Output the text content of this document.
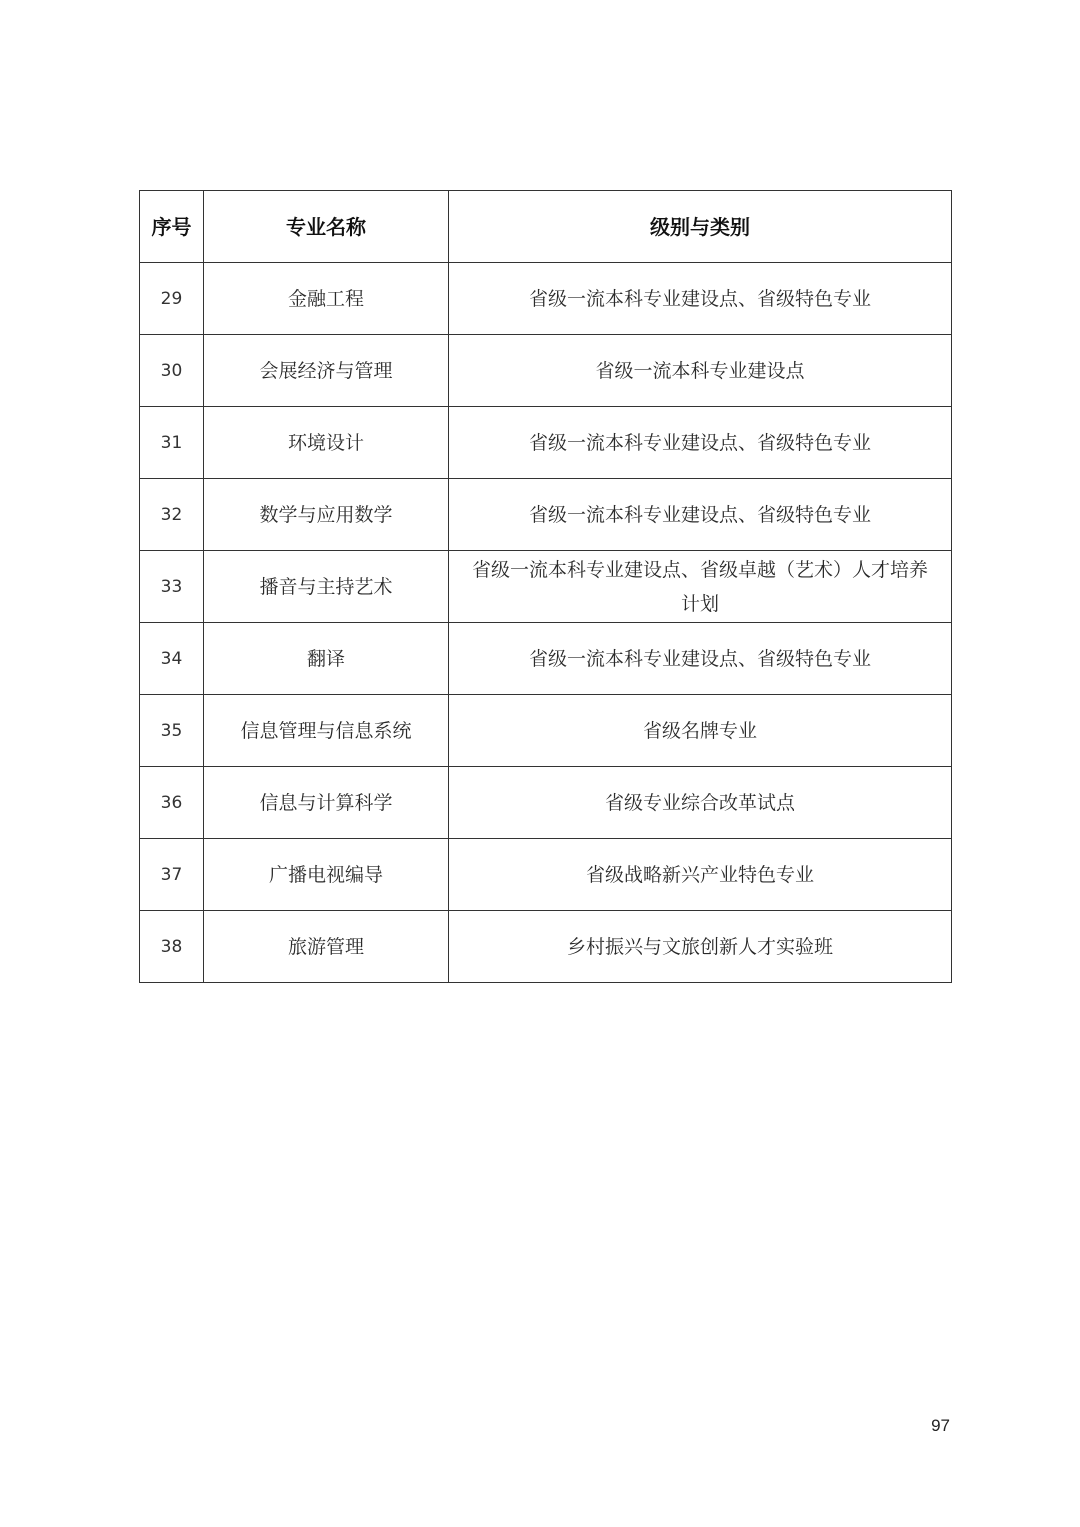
序号	专业名称	级别与类别
29	金融工程	省级一流本科专业建设点、省级特色专业
30	会展经济与管理	省级一流本科专业建设点
31	环境设计	省级一流本科专业建设点、省级特色专业
32	数学与应用数学	省级一流本科专业建设点、省级特色专业
33	播音与主持艺术	省级一流本科专业建设点、省级卓越（艺术）人才培养计划
34	翻译	省级一流本科专业建设点、省级特色专业
35	信息管理与信息系统	省级名牌专业
36	信息与计算科学	省级专业综合改革试点
37	广播电视编导	省级战略新兴产业特色专业
38	旅游管理	乡村振兴与文旅创新人才实验班
97
